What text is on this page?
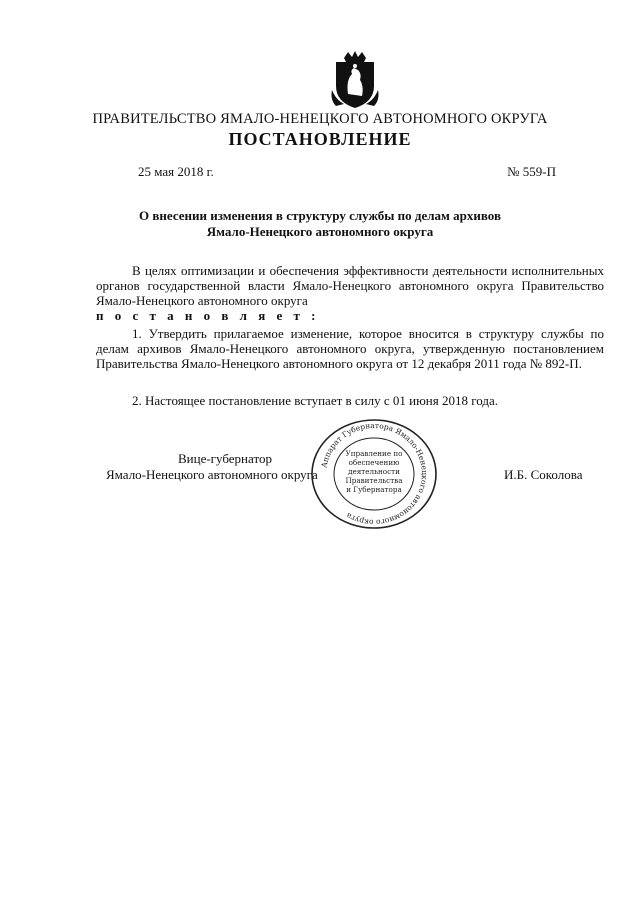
ПРАВИТЕЛЬСТВО ЯМАЛО-НЕНЕЦКОГО АВТОНОМНОГО ОКРУГА
ПОСТАНОВЛЕНИЕ
25 мая 2018 г.	№ 559-П
О внесении изменения в структуру службы по делам архивов
Ямало-Ненецкого автономного округа
В целях оптимизации и обеспечения эффективности деятельности исполнительных органов государственной власти Ямало-Ненецкого автономного округа Правительство Ямало-Ненецкого автономного округа
п о с т а н о в л я е т :
1. Утвердить прилагаемое изменение, которое вносится в структуру службы по делам архивов Ямало-Ненецкого автономного округа, утвержденную постановлением Правительства Ямало-Ненецкого автономного округа от 12 декабря 2011 года № 892-П.
2. Настоящее постановление вступает в силу с 01 июня 2018 года.
Вице-губернатор
Ямало-Ненецкого автономного округа	И.Б. Соколова
Аппарат Губернатора Ямало-Ненецкого автономного округа
Управление по
обеспечению
деятельности
Правительства
и Губернатора
